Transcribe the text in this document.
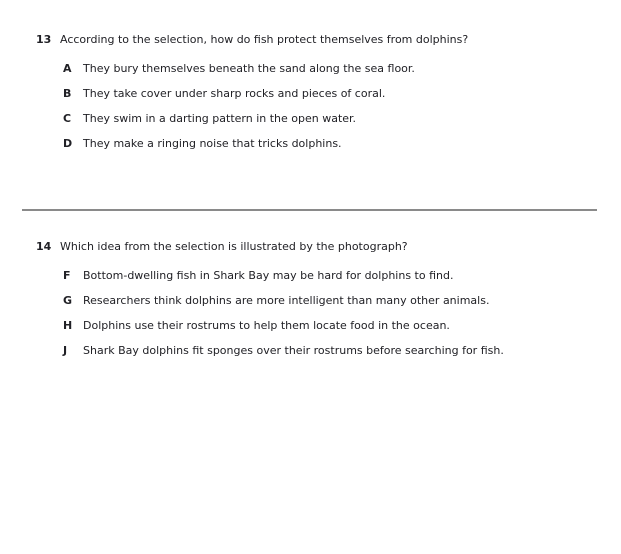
13 According to the selection, how do fish protect themselves from dolphins?
A	They bury themselves beneath the sand along the sea floor.
B	They take cover under sharp rocks and pieces of coral.
C	They swim in a darting pattern in the open water.
D They make a ringing noise that tricks dolphins.
14 Which idea from the selection is illustrated by the photograph?
F	Bottom-dwelling fish in Shark Bay may be hard for dolphins to find.
G Researchers think dolphins are more intelligent than many other animals.
H Dolphins use their rostrums to help them locate food in the ocean.
J	Shark Bay dolphins fit sponges over their rostrums before searching for fish.
